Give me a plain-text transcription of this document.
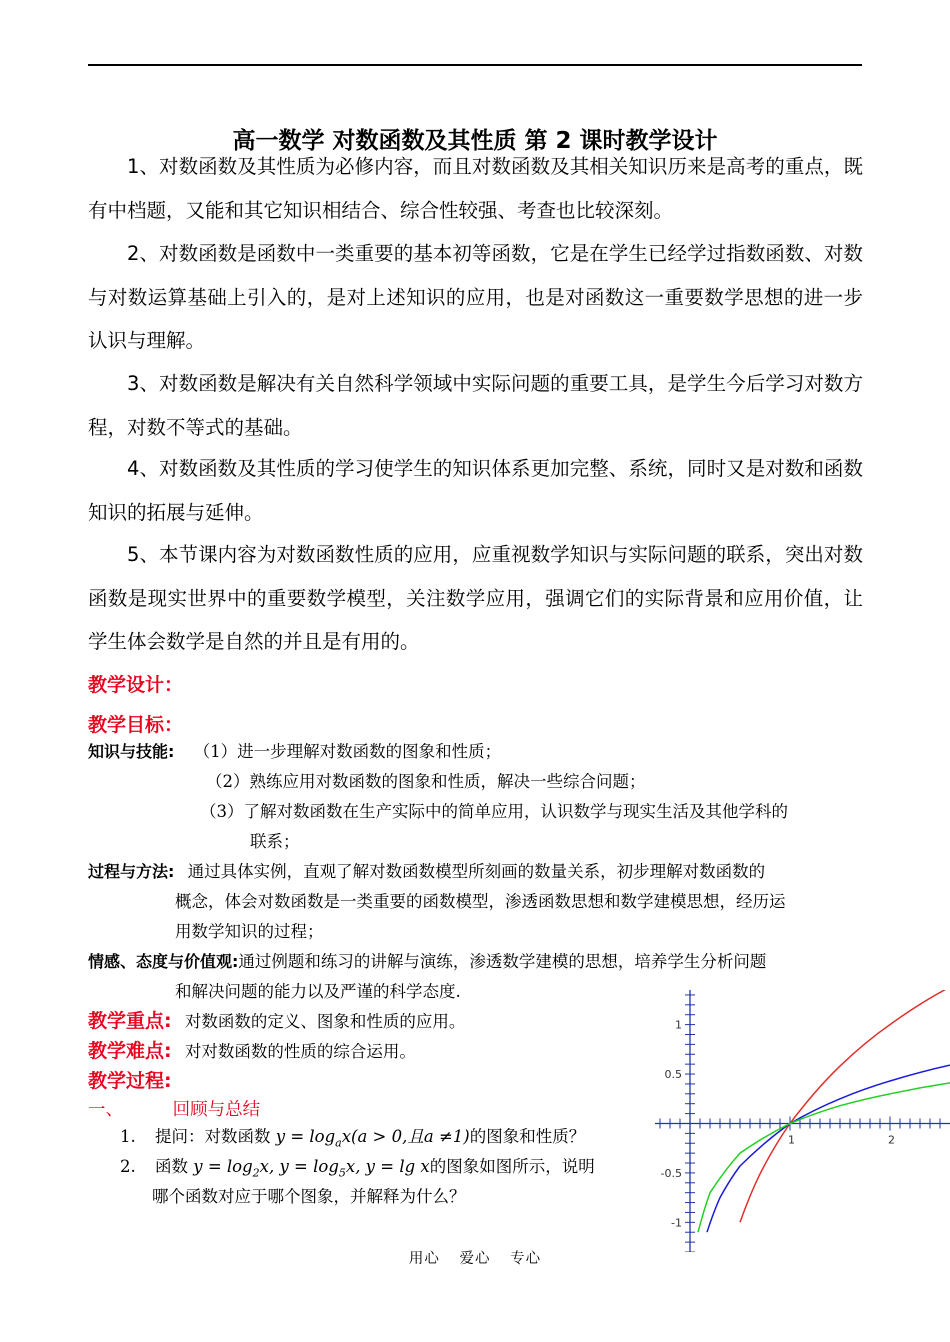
高一数学 对数函数及其性质 第 2 课时教学设计

1、对数函数及其性质为必修内容，而且对数函数及其相关知识历来是高考的重点，既有中档题，又能和其它知识相结合、综合性较强、考查也比较深刻。

2、对数函数是函数中一类重要的基本初等函数，它是在学生已经学过指数函数、对数与对数运算基础上引入的，是对上述知识的应用，也是对函数这一重要数学思想的进一步认识与理解。

3、对数函数是解决有关自然科学领域中实际问题的重要工具，是学生今后学习对数方程，对数不等式的基础。

4、对数函数及其性质的学习使学生的知识体系更加完整、系统，同时又是对数和函数知识的拓展与延伸。

5、本节课内容为对数函数性质的应用，应重视数学知识与实际问题的联系，突出对数函数是现实世界中的重要数学模型，关注数学应用，强调它们的实际背景和应用价值，让学生体会数学是自然的并且是有用的。

教学设计：
教学目标：
知识与技能: （1）进一步理解对数函数的图象和性质；
（2）熟练应用对数函数的图象和性质，解决一些综合问题；
（3）了解对数函数在生产实际中的简单应用，认识数学与现实生活及其他学科的
联系；
过程与方法: 通过具体实例，直观了解对数函数模型所刻画的数量关系，初步理解对数函数的
概念，体会对数函数是一类重要的函数模型，渗透函数思想和数学建模思想，经历运
用数学知识的过程；
情感、态度与价值观:通过例题和练习的讲解与演练，渗透数学建模的思想，培养学生分析问题
和解决问题的能力以及严谨的科学态度.
教学重点: 对数函数的定义、图象和性质的应用。
教学难点: 对对数函数的性质的综合运用。
教学过程:
一、	回顾与总结
1. 提问：对数函数 $y = \log_ax(a > 0$,且a ≠1)的图象和性质？
2. 函数 $y = \log_2x$, $y = \log_5x$, y = lg x的图象如图所示，说明
哪个函数对应于哪个图象，并解释为什么？
1	2
1
0.5
-0.5
-1
用心 爱心 专心
